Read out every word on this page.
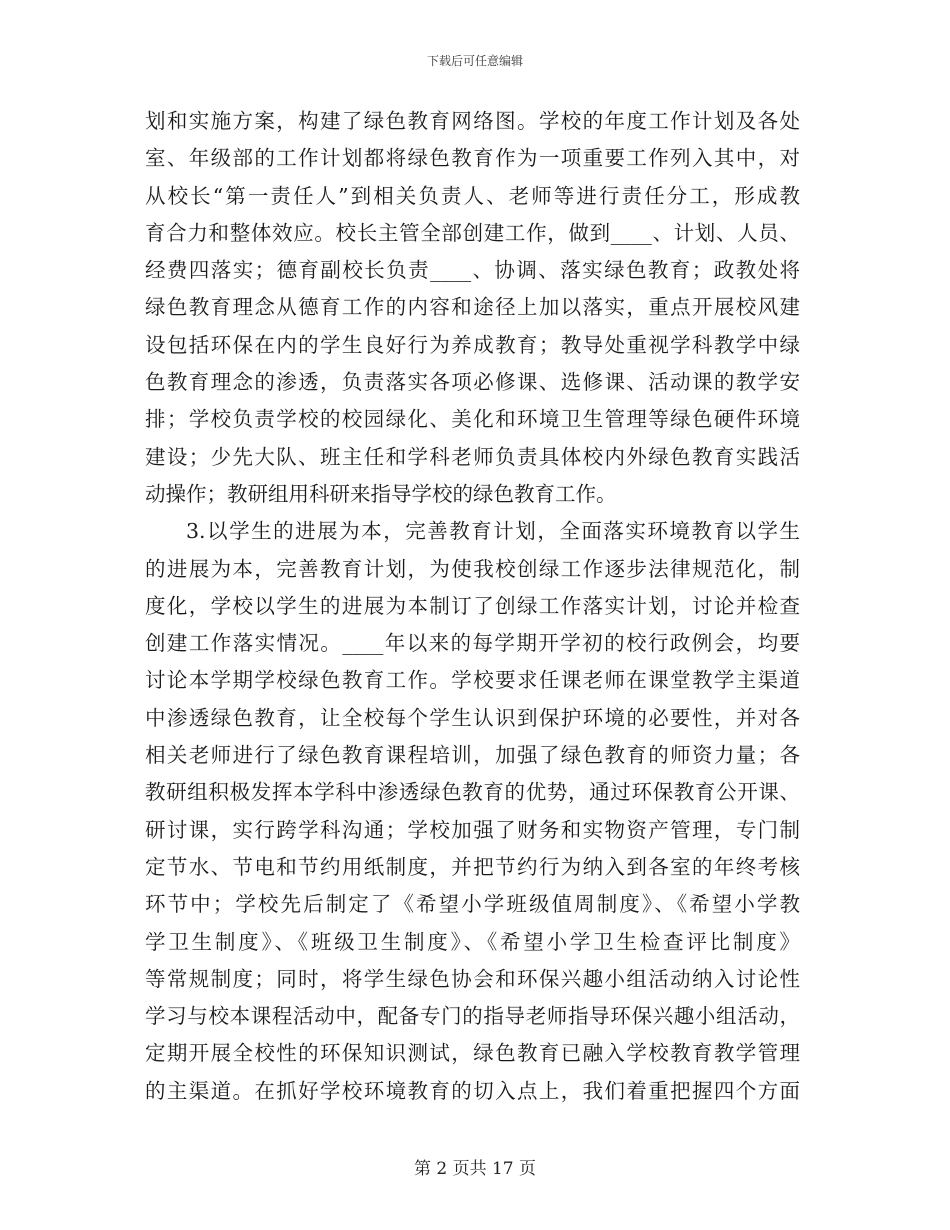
下载后可任意编辑
划和实施方案，构建了绿色教育网络图。学校的年度工作计划及各处
室、年级部的工作计划都将绿色教育作为一项重要工作列入其中，对
从校长“第一责任人”到相关负责人、老师等进行责任分工，形成教
育合力和整体效应。校长主管全部创建工作，做到____、计划、人员、
经费四落实；德育副校长负责____、协调、落实绿色教育；政教处将
绿色教育理念从德育工作的内容和途径上加以落实，重点开展校风建
设包括环保在内的学生良好行为养成教育；教导处重视学科教学中绿
色教育理念的渗透，负责落实各项必修课、选修课、活动课的教学安
排；学校负责学校的校园绿化、美化和环境卫生管理等绿色硬件环境
建设；少先大队、班主任和学科老师负责具体校内外绿色教育实践活
动操作；教研组用科研来指导学校的绿色教育工作。
3.以学生的进展为本，完善教育计划，全面落实环境教育以学生
的进展为本，完善教育计划，为使我校创绿工作逐步法律规范化，制
度化，学校以学生的进展为本制订了创绿工作落实计划，讨论并检查
创建工作落实情况。____年以来的每学期开学初的校行政例会，均要
讨论本学期学校绿色教育工作。学校要求任课老师在课堂教学主渠道
中渗透绿色教育，让全校每个学生认识到保护环境的必要性，并对各
相关老师进行了绿色教育课程培训，加强了绿色教育的师资力量；各
教研组积极发挥本学科中渗透绿色教育的优势，通过环保教育公开课、
研讨课，实行跨学科沟通；学校加强了财务和实物资产管理，专门制
定节水、节电和节约用纸制度，并把节约行为纳入到各室的年终考核
环节中；学校先后制定了《希望小学班级值周制度》、《希望小学教
学卫生制度》、《班级卫生制度》、《希望小学卫生检查评比制度》
等常规制度；同时，将学生绿色协会和环保兴趣小组活动纳入讨论性
学习与校本课程活动中，配备专门的指导老师指导环保兴趣小组活动，
定期开展全校性的环保知识测试，绿色教育已融入学校教育教学管理
的主渠道。在抓好学校环境教育的切入点上，我们着重把握四个方面
第 2 页共 17 页
